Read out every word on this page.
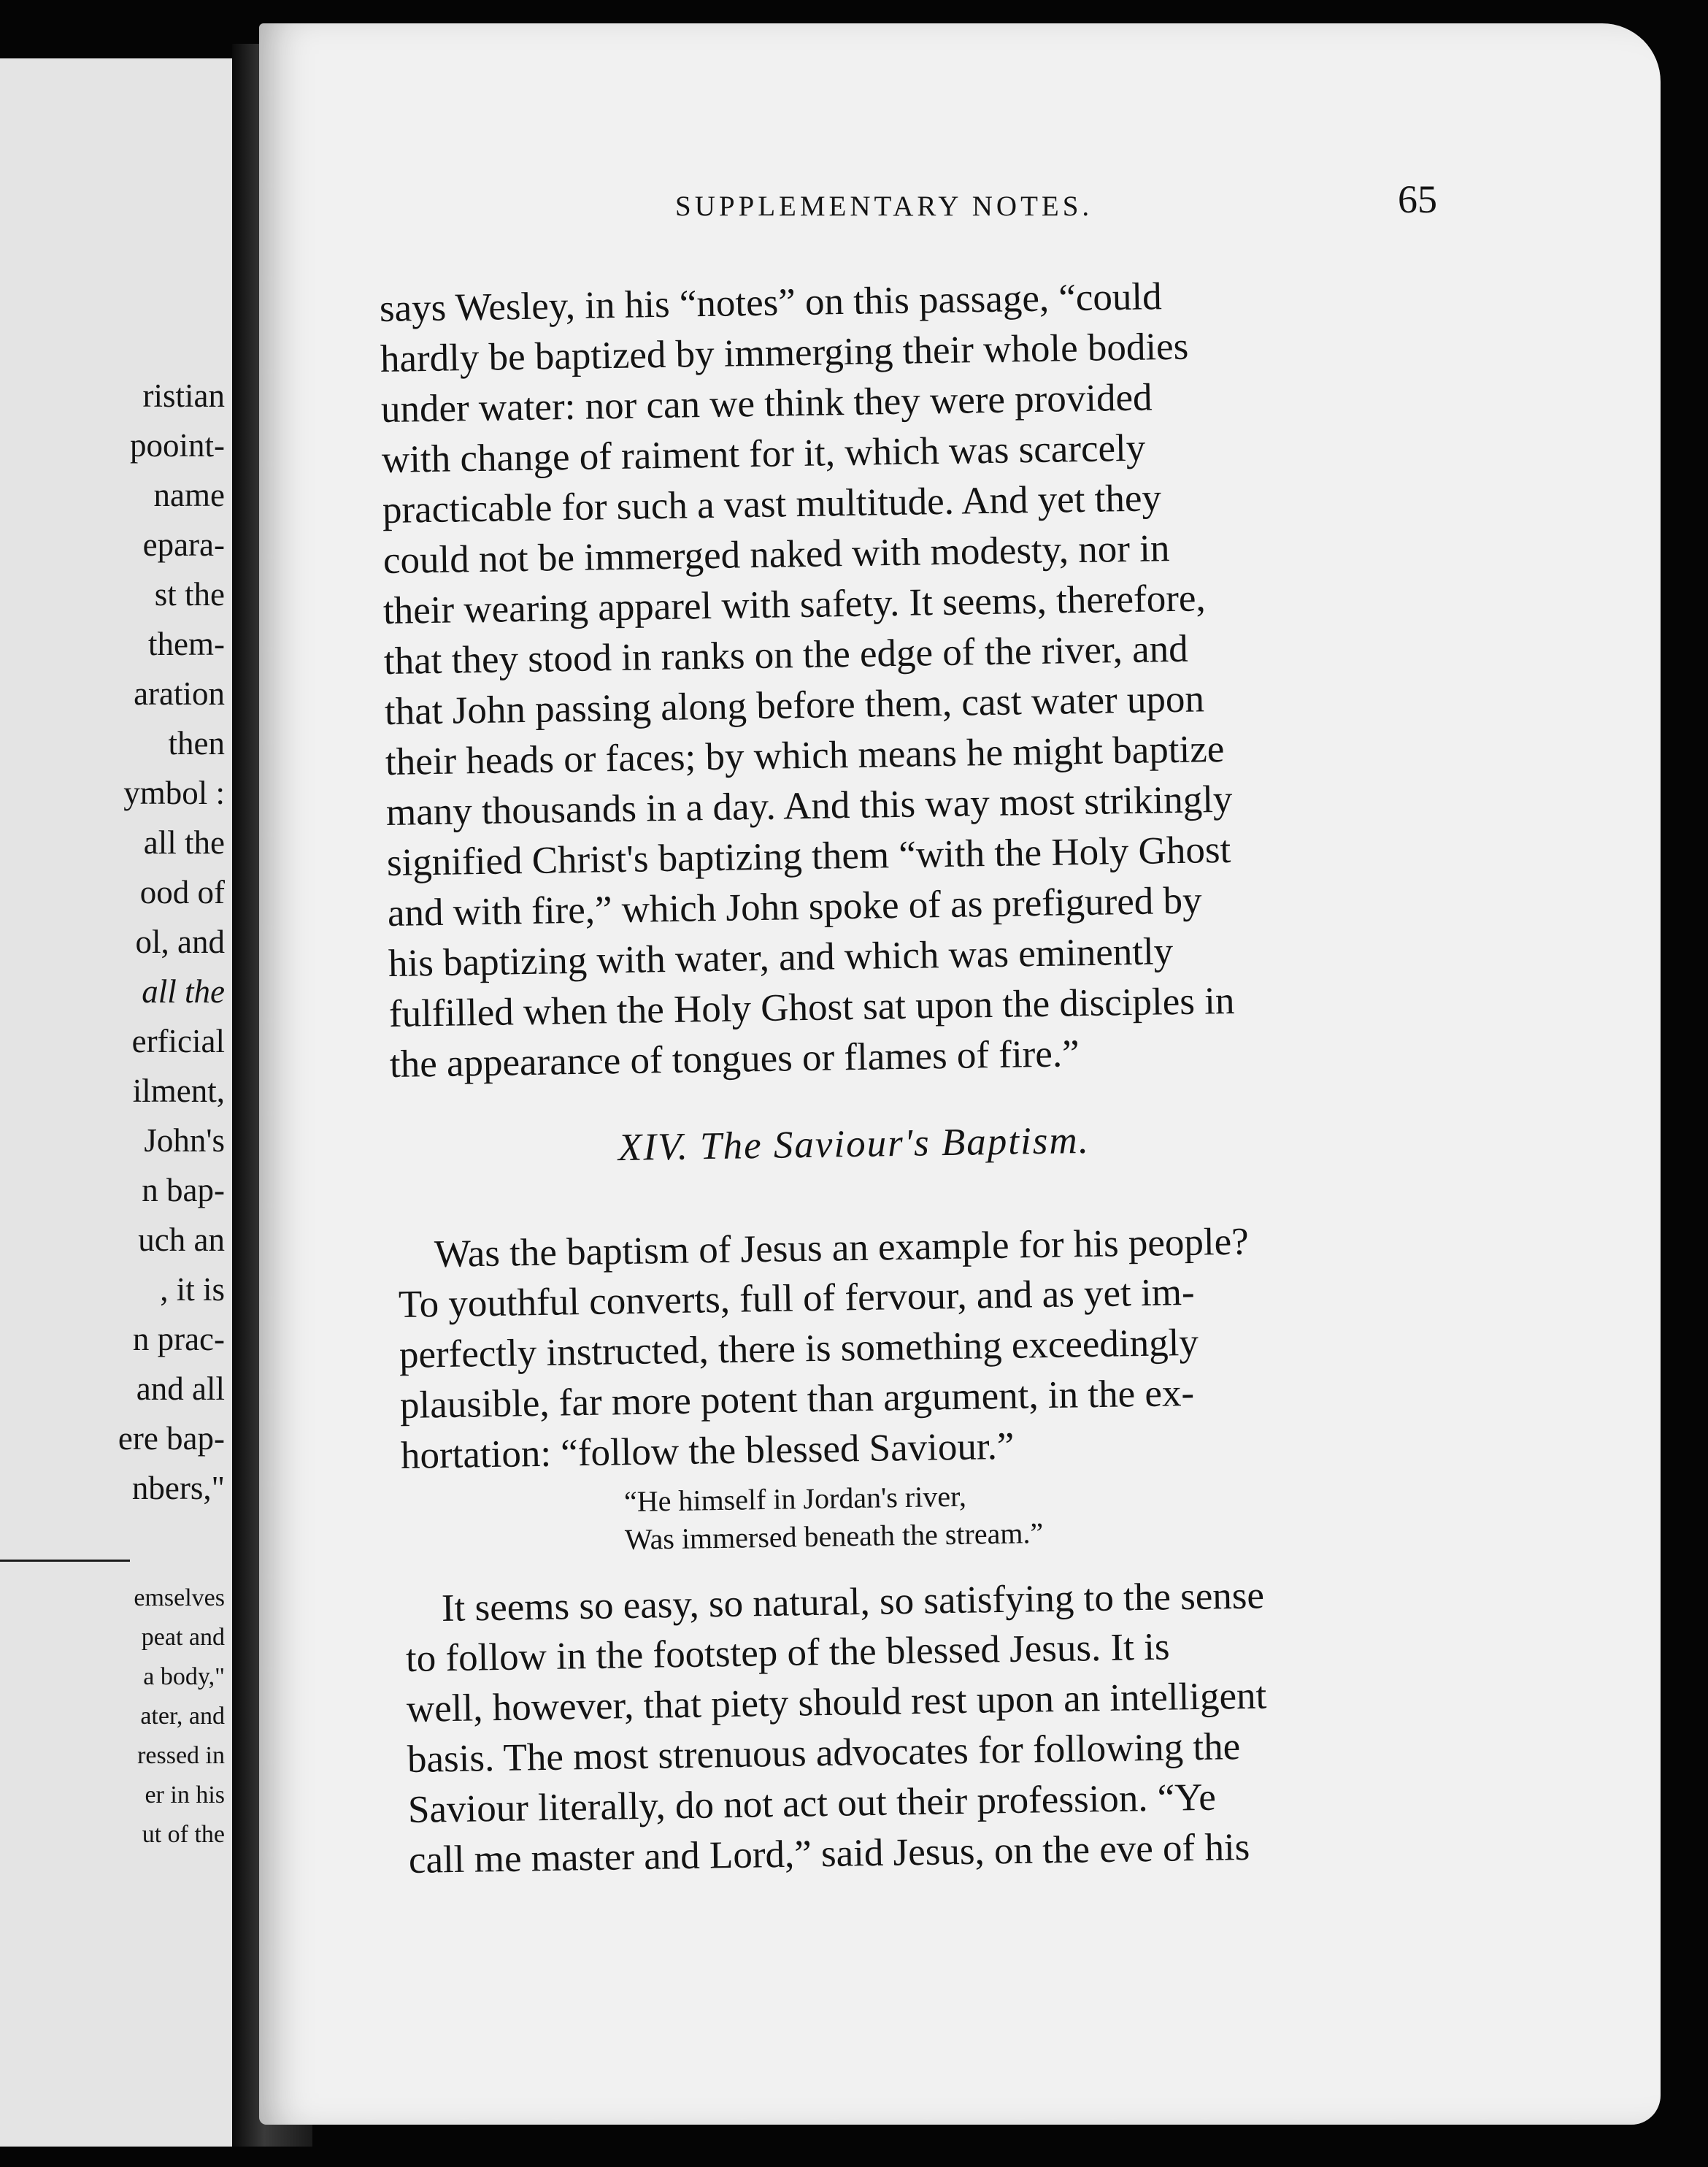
ristian
pooint-
name
epara-
st the
them-
aration
then
ymbol :
all the
ood of
ol, and
all the
erficial
ilment,
John's
n bap-
uch an
, it is
n prac-
and all
ere bap-
nbers,"
emselves
peat and
a body,"
ater, and
ressed in
er in his
ut of the
SUPPLEMENTARY NOTES.	65
XIV. The Saviour's Baptism.
says Wesley, in his “notes” on this passage, “could
hardly be baptized by immerging their whole bodies
under water: nor can we think they were provided
with change of raiment for it, which was scarcely
practicable for such a vast multitude. And yet they
could not be immerged naked with modesty, nor in
their wearing apparel with safety. It seems, therefore,
that they stood in ranks on the edge of the river, and
that John passing along before them, cast water upon
their heads or faces; by which means he might baptize
many thousands in a day. And this way most strikingly
signified Christ's baptizing them “with the Holy Ghost
and with fire,” which John spoke of as prefigured by
his baptizing with water, and which was eminently
fulfilled when the Holy Ghost sat upon the disciples in
the appearance of tongues or flames of fire.”
Was the baptism of Jesus an example for his people?
To youthful converts, full of fervour, and as yet im-
perfectly instructed, there is something exceedingly
plausible, far more potent than argument, in the ex-
hortation: “follow the blessed Saviour.”
“He himself in Jordan's river,
Was immersed beneath the stream.”
It seems so easy, so natural, so satisfying to the sense
to follow in the footstep of the blessed Jesus. It is
well, however, that piety should rest upon an intelligent
basis. The most strenuous advocates for following the
Saviour literally, do not act out their profession. “Ye
call me master and Lord,” said Jesus, on the eve of his
